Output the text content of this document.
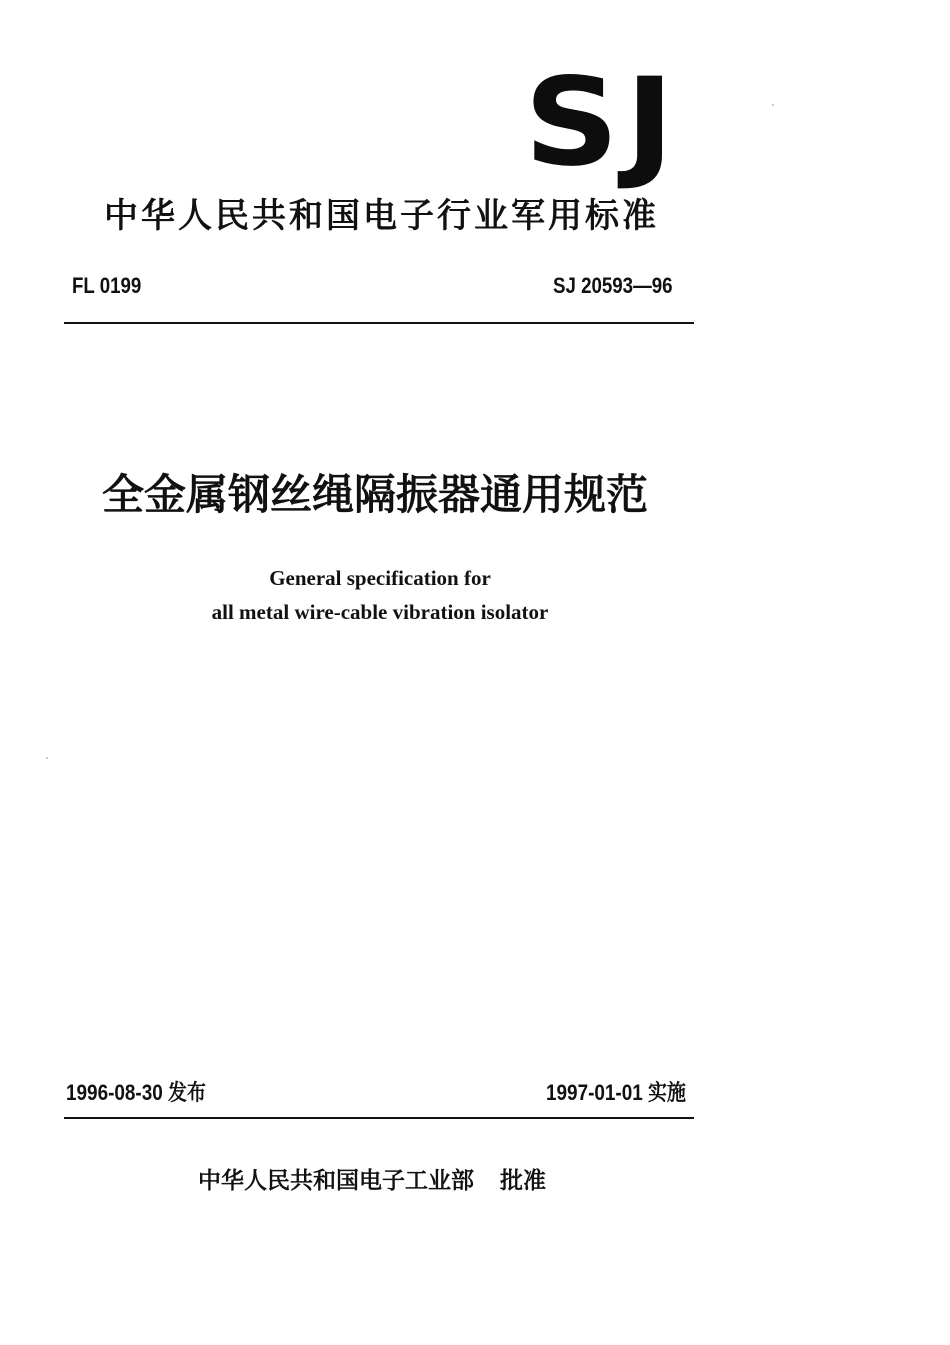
SJ
中华人民共和国电子行业军用标准
FL 0199	SJ 20593—96
全金属钢丝绳隔振器通用规范
General specification for
all metal wire-cable vibration isolator
1996-08-30 发布	1997-01-01 实施
中华人民共和国电子工业部 批准
